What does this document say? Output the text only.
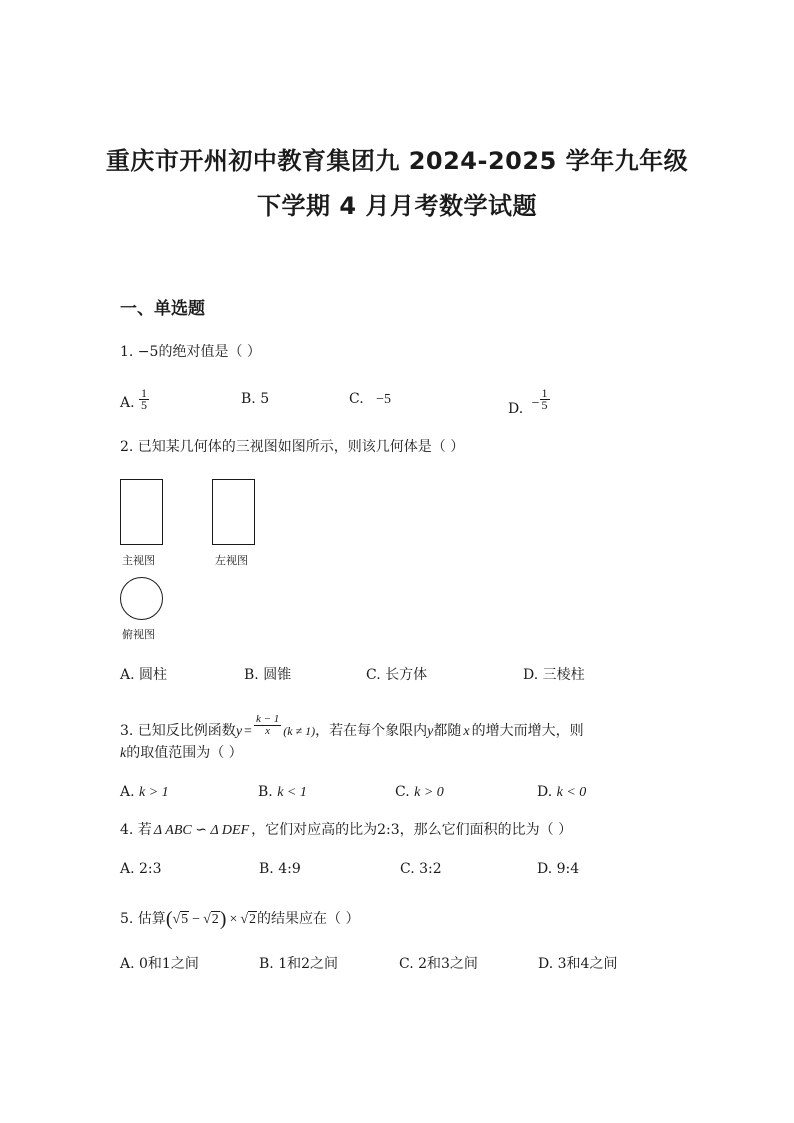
重庆市开州初中教育集团九 2024-2025 学年九年级
下学期 4 月月考数学试题
一、单选题
1. −5的绝对值是（ ）
A. $\frac{1}{5}$	B. 5	C. −5
D. − $\frac{1}{5}$
2. 已知某几何体的三视图如图所示，则该几何体是（ ）
主视图	左视图
俯视图
A. 圆柱	B. 圆锥	C. 长方体	D. 三棱柱
3. 已知反比例函数$y = \frac{k - 1}{x} (k \ne 1)$，若在每个象限内y都随 x 的增大而增大，则
k的取值范围为（ ）
A. k > 1	B. k < 1	C. k > 0	D. k < 0
4. 若 Δ ABC ∽ Δ DEF ，它们对应高的比为2:3，那么它们面积的比为（ ）
A. 2:3	B. 4:9	C. 3:2	D. 9:4
5. 估算(√5 − √2) × √2的结果应在（ ）
A. 0和1之间	B. 1和2之间	C. 2和3之间	D. 3和4之间
